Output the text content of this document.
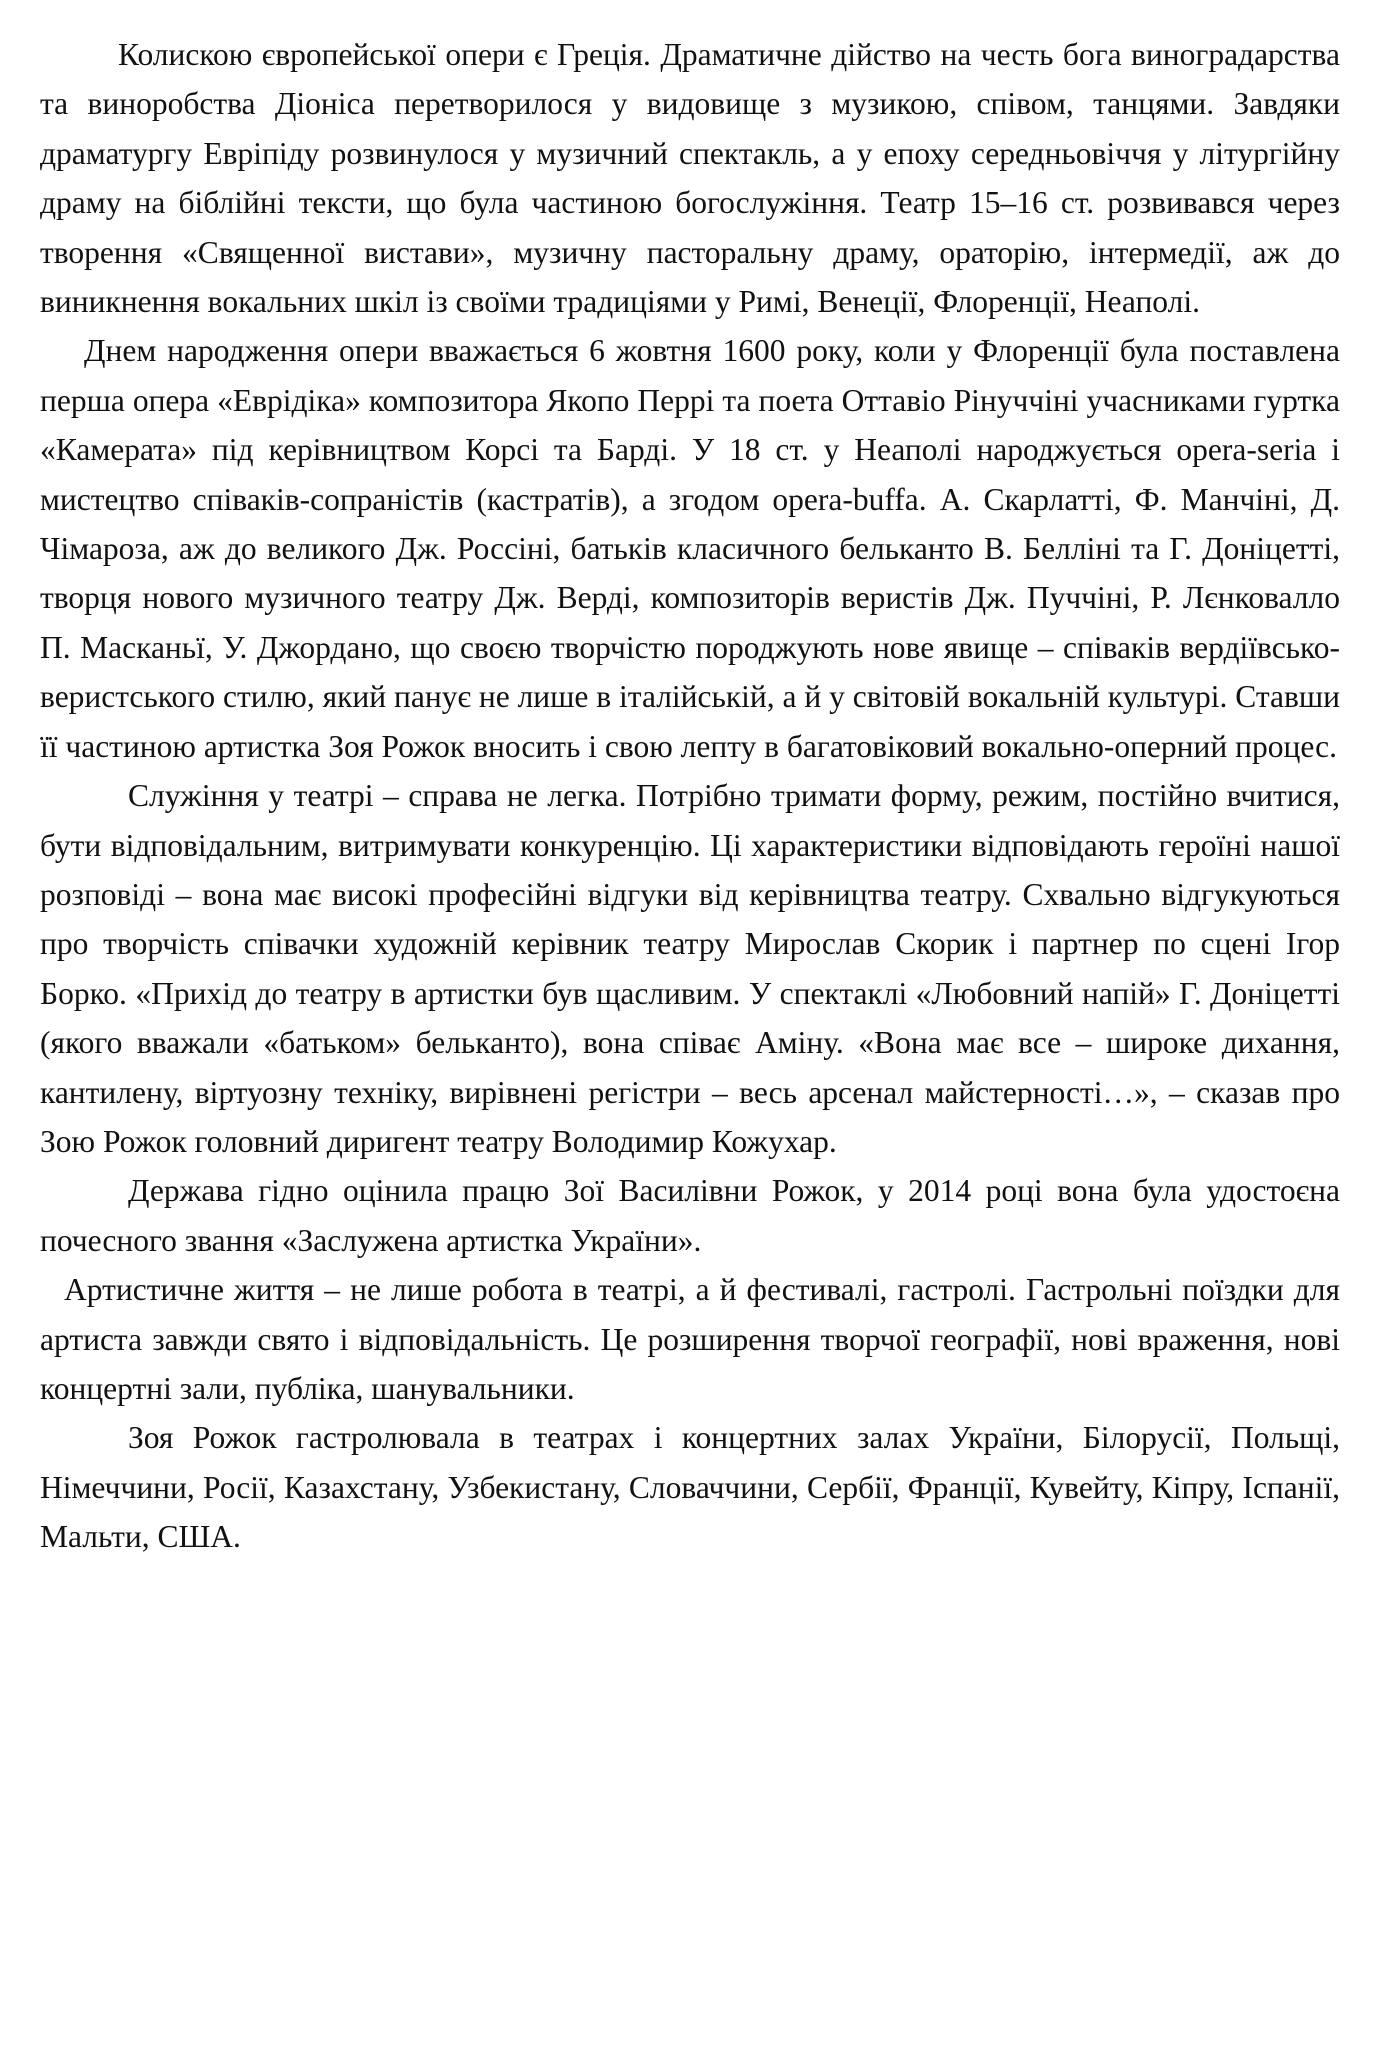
Колискою європейської опери є Греція. Драматичне дійство на честь бога виноградарства та виноробства Діоніса перетворилося у видовище з музикою, співом, танцями. Завдяки драматургу Евріпіду розвинулося у музичний спектакль, а у епоху середньовіччя у літургійну драму на біблійні тексти, що була частиною богослужіння. Театр 15–16 ст. розвивався через творення «Священної вистави», музичну пасторальну драму, ораторію, інтермедії, аж до виникнення вокальних шкіл із своїми традиціями у Римі, Венеції, Флоренції, Неаполі.

Днем народження опери вважається 6 жовтня 1600 року, коли у Флоренції була поставлена перша опера «Еврідіка» композитора Якопо Перрі та поета Оттавіо Рінуччіні учасниками гуртка «Камерата» під керівництвом Корсі та Барді. У 18 ст. у Неаполі народжується opera-seria і мистецтво співаків-сопраністів (кастратів), а згодом opera-buffa. А. Скарлатті, Ф. Манчіні, Д. Чімароза, аж до великого Дж. Россіні, батьків класичного бельканто В. Белліні та Г. Доніцетті, творця нового музичного театру Дж. Верді, композиторів веристів Дж. Пуччіні, Р. Лєнковалло П. Масканьї, У. Джордано, що своєю творчістю породжують нове явище – співаків вердіївсько-веристського стилю, який панує не лише в італійській, а й у світовій вокальній культурі. Ставши її частиною артистка Зоя Рожок вносить і свою лепту в багатовіковий вокально-оперний процес.

Служіння у театрі – справа не легка. Потрібно тримати форму, режим, постійно вчитися, бути відповідальним, витримувати конкуренцію. Ці характеристики відповідають героїні нашої розповіді – вона має високі професійні відгуки від керівництва театру. Схвально відгукуються про творчість співачки художній керівник театру Мирослав Скорик і партнер по сцені Ігор Борко. «Прихід до театру в артистки був щасливим. У спектаклі «Любовний напій» Г. Доніцетті (якого вважали «батьком» бельканто), вона співає Аміну. «Вона має все – широке дихання, кантилену, віртуозну техніку, вирівнені регістри – весь арсенал майстерності…», – сказав про Зою Рожок головний диригент театру Володимир Кожухар.

Держава гідно оцінила працю Зої Василівни Рожок, у 2014 році вона була удостоєна почесного звання «Заслужена артистка України».

Артистичне життя – не лише робота в театрі, а й фестивалі, гастролі. Гастрольні поїздки для артиста завжди свято і відповідальність. Це розширення творчої географії, нові враження, нові концертні зали, публіка, шанувальники.

Зоя Рожок гастролювала в театрах і концертних залах України, Білорусії, Польщі, Німеччини, Росії, Казахстану, Узбекистану, Словаччини, Сербії, Франції, Кувейту, Кіпру, Іспанії, Мальти, США.
